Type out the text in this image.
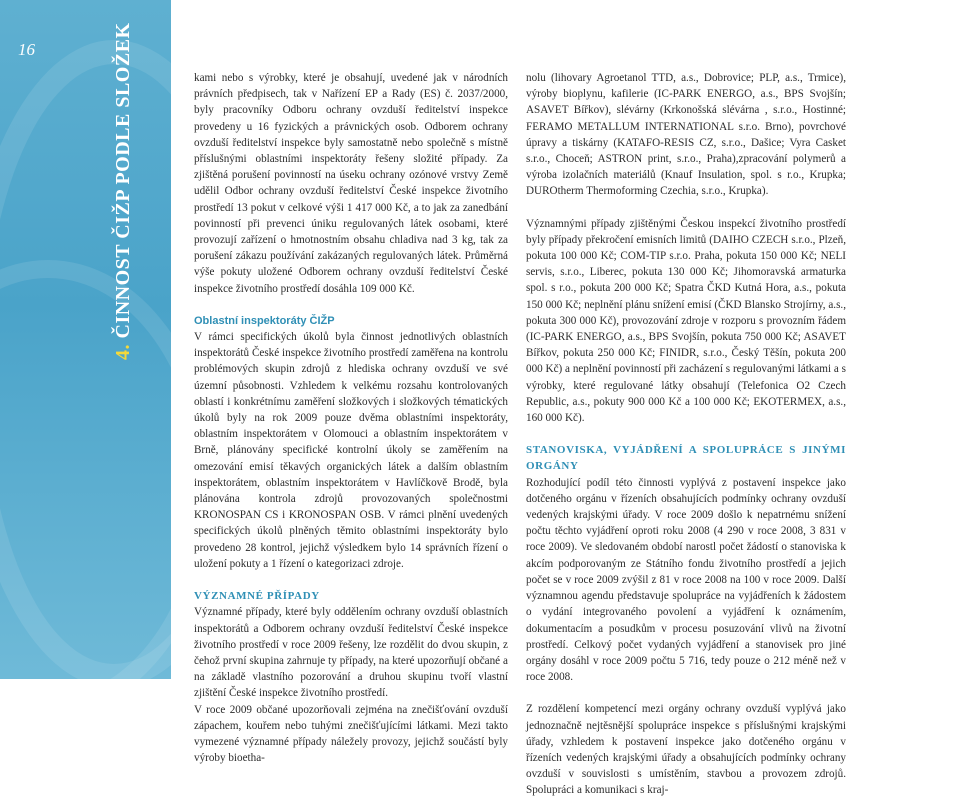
16
4. ČINNOST ČIŽP PODLE SLOŽEK	kami nebo s výrobky, které je obsahují, uvedené jak v národních právních předpisech, tak v Nařízení EP a Rady (ES) č. 2037/2000, byly pracovníky Odboru ochrany ovzduší ředitelství inspekce provedeny u 16 fyzických a právnických osob. Odborem ochrany ovzduší ředitelství inspekce byly samostatně nebo společně s místně příslušnými oblastními inspektoráty řešeny složité případy. Za zjištěná porušení povinností na úseku ochrany ozónové vrstvy Země udělil Odbor ochrany ovzduší ředitelství České inspekce životního prostředí 13 pokut v celkové výši 1 417 000 Kč, a to jak za zanedbání povinností při prevenci úniku regulovaných látek osobami, které provozují zařízení o hmotnostním obsahu chladiva nad 3 kg, tak za porušení zákazu používání zakázaných regulovaných látek. Průměrná výše pokuty uložené Odborem ochrany ovzduší ředitelství České inspekce životního prostředí dosáhla 109 000 Kč.

Oblastní inspektoráty ČIŽP

V rámci specifických úkolů byla činnost jednotlivých oblastních inspektorátů České inspekce životního prostředí zaměřena na kontrolu problémových skupin zdrojů z hlediska ochrany ovzduší ve své územní působnosti. Vzhledem k velkému rozsahu kontrolovaných oblastí i konkrétnímu zaměření složkových i složkových tématických úkolů byly na rok 2009 pouze dvěma oblastními inspektoráty, oblastním inspektorátem v Olomouci a oblastním inspektorátem v Brně, plánovány specifické kontrolní úkoly se zaměřením na omezování emisí těkavých organických látek a dalším oblastním inspektorátem, oblastním inspektorátem v Havlíčkově Brodě, byla plánována kontrola zdrojů provozovaných společnostmi KRONOSPAN CS i KRONOSPAN OSB. V rámci plnění uvedených specifických úkolů plněných těmito oblastními inspektoráty bylo provedeno 28 kontrol, jejichž výsledkem bylo 14 správních řízení o uložení pokuty a 1 řízení o kategorizaci zdroje.

VÝZNAMNÉ PŘÍPADY

Významné případy, které byly oddělením ochrany ovzduší oblastních inspektorátů a Odborem ochrany ovzduší ředitelství České inspekce životního prostředí v roce 2009 řešeny, lze rozdělit do dvou skupin, z čehož první skupina zahrnuje ty případy, na které upozorňují občané a na základě vlastního pozorování a druhou skupinu tvoří vlastní zjištění České inspekce životního prostředí.

V roce 2009 občané upozorňovali zejména na znečišťování ovzduší zápachem, kouřem nebo tuhými znečišťujícími látkami. Mezi takto vymezené významné případy náležely provozy, jejichž součástí byly výroby bioetha-

nolu (lihovary Agroetanol TTD, a.s., Dobrovice; PLP, a.s., Trmice), výroby bioplynu, kafilerie (IC-PARK ENERGO, a.s., BPS Svojšín; ASAVET Bířkov), slévárny (Krkonošská slévárna , s.r.o., Hostinné; FERAMO METALLUM INTERNATIONAL s.r.o. Brno), povrchové úpravy a tiskárny (KATAFO-RESIS CZ, s.r.o., Dašice; Vyra Casket s.r.o., Choceň; ASTRON print, s.r.o., Praha),zpracování polymerů a výroba izolačních materiálů (Knauf Insulation, spol. s r.o., Krupka; DUROtherm Thermoforming Czechia, s.r.o., Krupka).

Významnými případy zjištěnými Českou inspekcí životního prostředí byly případy překročení emisních limitů (DAIHO CZECH s.r.o., Plzeň, pokuta 100 000 Kč; COM-TIP s.r.o. Praha, pokuta 150 000 Kč; NELI servis, s.r.o., Liberec, pokuta 130 000 Kč; Jihomoravská armaturka spol. s r.o., pokuta 200 000 Kč; Spatra ČKD Kutná Hora, a.s., pokuta 150 000 Kč; neplnění plánu snížení emisí (ČKD Blansko Strojírny, a.s., pokuta 300 000 Kč), provozování zdroje v rozporu s provozním řádem (IC-PARK ENERGO, a.s., BPS Svojšín, pokuta 750 000 Kč; ASAVET Bířkov, pokuta 250 000 Kč; FINIDR, s.r.o., Český Těšín, pokuta 200 000 Kč) a neplnění povinností při zacházení s regulovanými látkami a s výrobky, které regulované látky obsahují (Telefonica O2 Czech Republic, a.s., pokuty 900 000 Kč a 100 000 Kč; EKOTERMEX, a.s., 160 000 Kč).

STANOVISKA, VYJÁDŘENÍ A SPOLUPRÁCE S JINÝMI ORGÁNY

Rozhodující podíl této činnosti vyplývá z postavení inspekce jako dotčeného orgánu v řízeních obsahujících podmínky ochrany ovzduší vedených krajskými úřady. V roce 2009 došlo k nepatrnému snížení počtu těchto vyjádření oproti roku 2008 (4 290 v roce 2008, 3 831 v roce 2009). Ve sledovaném období narostl počet žádostí o stanoviska k akcím podporovaným ze Státního fondu životního prostředí a jejich počet se v roce 2009 zvýšil z 81 v roce 2008 na 100 v roce 2009. Další významnou agendu představuje spolupráce na vyjádřeních k žádostem o vydání integrovaného povolení a vyjádření k oznámením, dokumentacím a posudkům v procesu posuzování vlivů na životní prostředí. Celkový počet vydaných vyjádření a stanovisek pro jiné orgány dosáhl v roce 2009 počtu 5 716, tedy pouze o 212 méně než v roce 2008.

Z rozdělení kompetencí mezi orgány ochrany ovzduší vyplývá jako jednoznačně nejtěsnější spolupráce inspekce s příslušnými krajskými úřady, vzhledem k postavení inspekce jako dotčeného orgánu v řízeních vedených krajskými úřady a obsahujících podmínky ochrany ovzduší v souvislosti s umístěním, stavbou a provozem zdrojů. Spolupráci a komunikaci s kraj-
